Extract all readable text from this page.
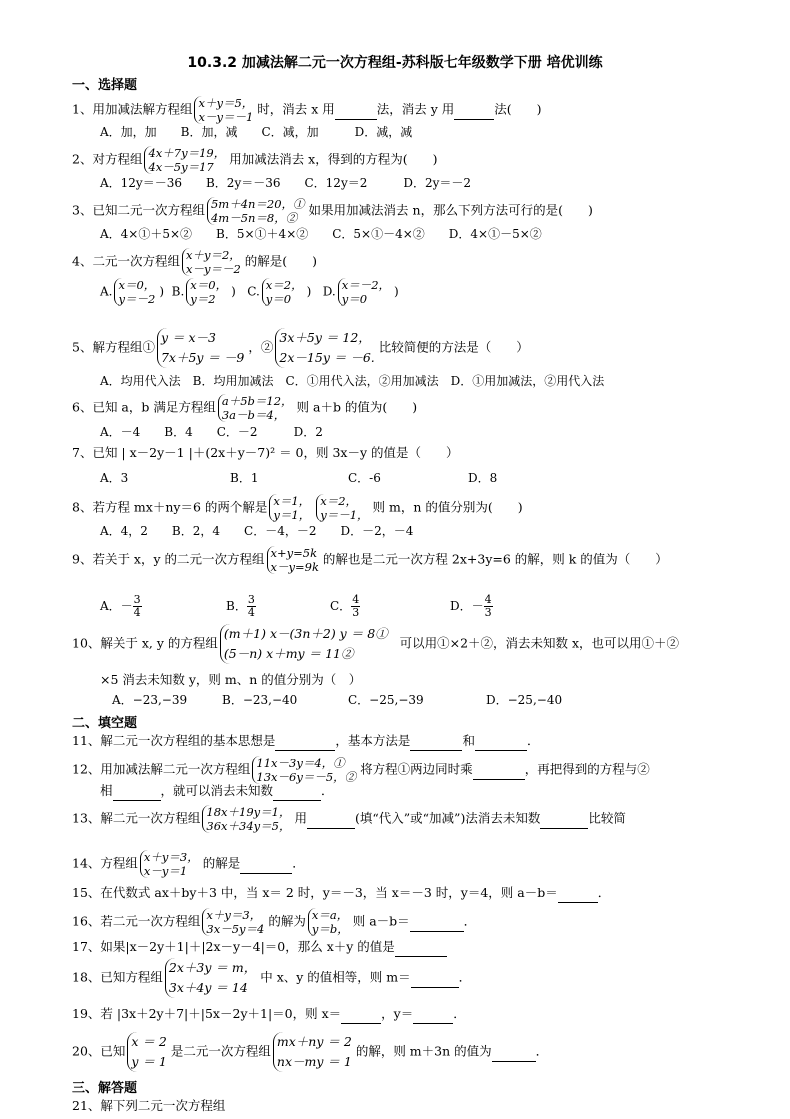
10.3.2 加减法解二元一次方程组-苏科版七年级数学下册 培优训练
一、选择题
1、用加减法解方程组 x＋y＝5，
x－y＝－1时，消去 x 用	法，消去 y 用	法(　　)
A．加，加　　B．加，减　　C．减，加　　　D．减，减
2、对方程组 4x＋7y＝19，
4x－5y＝17用加减法消去 x，得到的方程为(　　)
A．12y＝－36　　B．2y＝－36　　C．12y＝2　　　D．2y＝－2
3、已知二元一次方程组 5m＋4n＝20，①
4m－5n＝8，②如果用加减法消去 n，那么下列方法可行的是(　　)
A．4×①＋5×②　　B．5×①＋4×②　　C．5×①－4×②　　D．4×①－5×②
4、二元一次方程组 x＋y＝2，
x－y＝－2的解是(　　)
A. x＝0，
y＝－2)  B. x＝0，
y＝2)   C. x＝2，
y＝0)   D. x＝－2，
y＝0)
5、解方程组①y ＝ x－3
7x＋5y ＝ －9，②3x＋5y ＝ 12，
2x－15y ＝ －6.比较简便的方法是（　　）
A．均用代入法　B．均用加减法　C．①用代入法，②用加减法　D．①用加减法，②用代入法
6、已知 a，b 满足方程组 a＋5b＝12，
3a－b＝4，则 a＋b 的值为(　　)
A．－4　　B．4　　C．－2　　　D．2
7、已知 | x－2y－1 |＋(2x＋y－7)² ＝ 0，则 3x－y 的值是（　　）
A．3	B．1	C．-6	D．8
8、若方程 mx＋ny＝6 的两个解是 x＝1，
y＝1，x＝2，
y＝－1，则 m，n 的值分别为(　　)
A．4，2　　B．2，4　　C．－4，－2　　D．－2，－4
9、若关于 x，y 的二元一次方程组 x+y=5k
x－y=9k的解也是二元一次方程 2x+3y=6 的解，则 k 的值为（　　）
A．－ $\frac{3}{4}$	B． $\frac{3}{4}$	C． $\frac{4}{3}$	D．－ $\frac{4}{3}$
10、解关于 x, y 的方程组(m＋1) x－(3n＋2) y ＝ 8①
(5－n) x＋my ＝ 11②  可以用①×2＋②，消去未知数 x，也可以用①＋②
×5 消去未知数 y，则 m、n 的值分别为（　）
A．−23,−39	B．−23,−40	C．−25,−39	D．−25,−40
二、填空题
11、解二元一次方程组的基本思想是	，基本方法是	和	．
12、用加减法解二元一次方程组 11x－3y＝4，①
13x－6y＝－5，②将方程①两边同时乘	，再把得到的方程与②
相	，就可以消去未知数	．
13、解二元一次方程组 18x＋19y＝1，
36x＋34y＝5，用	(填“代入”或“加减”)法消去未知数	比较简
14、方程组 x＋y＝3，
x－y＝1的解是	．
15、在代数式 ax＋by＋3 中，当 x＝ 2 时，y＝－3，当 x＝－3 时，y＝4，则 a－b＝	．
16、若二元一次方程组 x＋y＝3，
3x－5y＝4的解为 x＝a，
y＝b，则 a－b＝	．
17、如果|x－2y＋1|＋|2x－y－4|＝0，那么 x＋y 的值是
18、已知方程组2x＋3y ＝ m，
3x＋4y ＝ 14中 x、y 的值相等，则 m＝	．
19、若 |3x＋2y＋7|＋|5x－2y＋1|＝0，则 x＝	，y＝	．
20、已知x ＝ 2
y ＝ 1是二元一次方程组mx＋ny ＝ 2
nx－my ＝ 1的解，则 m＋3n 的值为	．
三、解答题
21、解下列二元一次方程组
